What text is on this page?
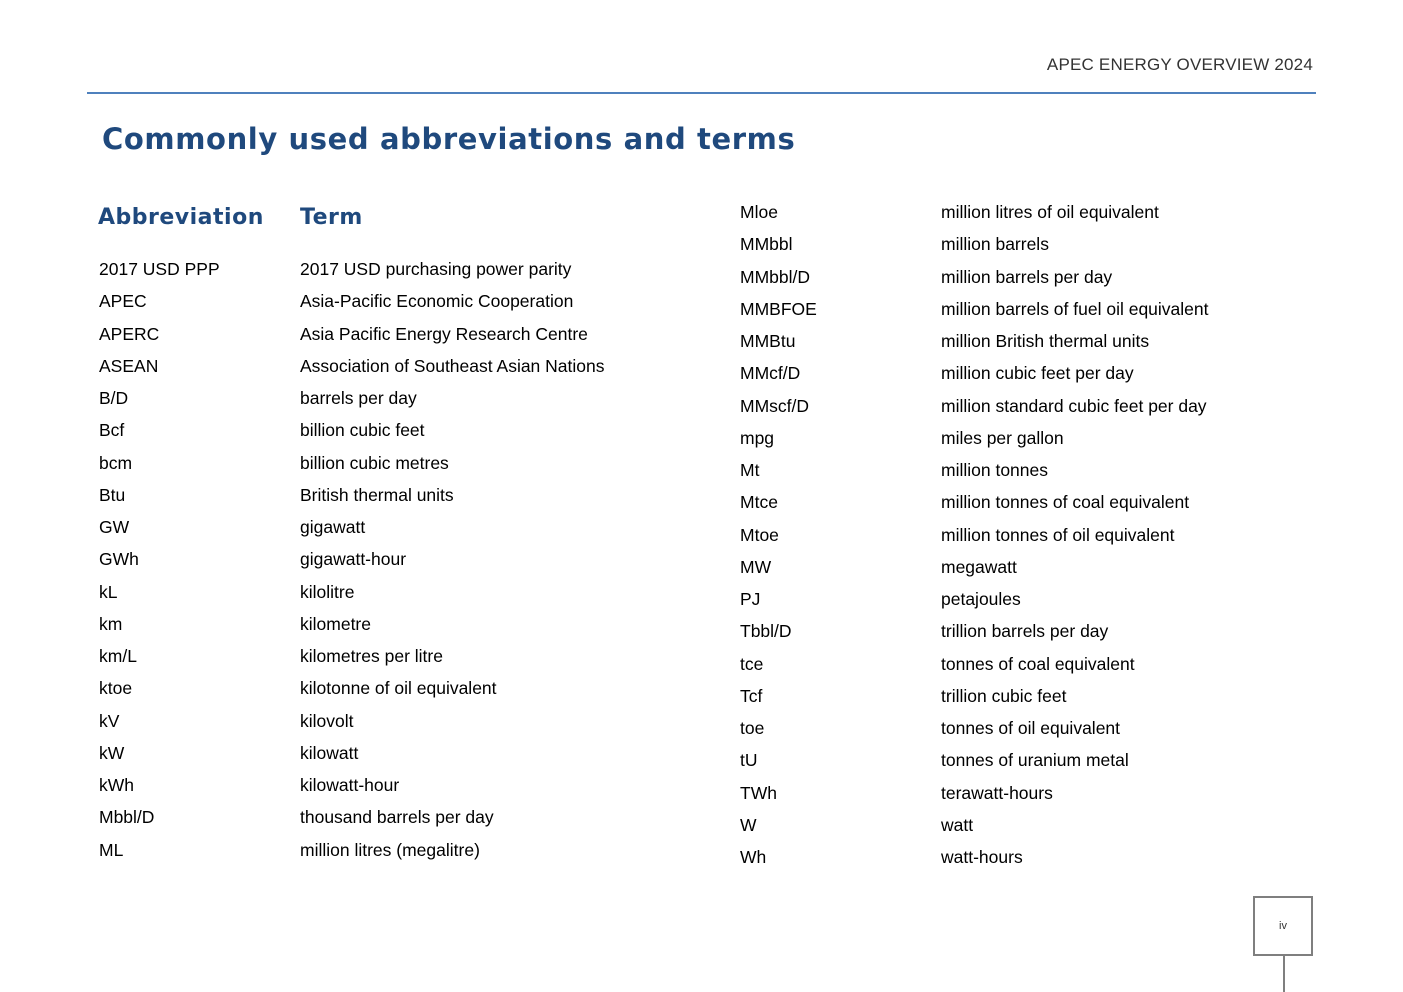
APEC ENERGY OVERVIEW 2024
Commonly used abbreviations and terms
Abbreviation Term
2017 USD PPP	2017 USD purchasing power parity
APEC	Asia-Pacific Economic Cooperation
APERC	Asia Pacific Energy Research Centre
ASEAN	Association of Southeast Asian Nations
B/D	barrels per day
Bcf	billion cubic feet
bcm	billion cubic metres
Btu	British thermal units
GW	gigawatt
GWh	gigawatt-hour
kL	kilolitre
km	kilometre
km/L	kilometres per litre
ktoe	kilotonne of oil equivalent
kV	kilovolt
kW	kilowatt
kWh	kilowatt-hour
Mbbl/D	thousand barrels per day
ML	million litres (megalitre)
Mloe	million litres of oil equivalent
MMbbl	million barrels
MMbbl/D	million barrels per day
MMBFOE	million barrels of fuel oil equivalent
MMBtu	million British thermal units
MMcf/D	million cubic feet per day
MMscf/D	million standard cubic feet per day
mpg	miles per gallon
Mt	million tonnes
Mtce	million tonnes of coal equivalent
Mtoe	million tonnes of oil equivalent
MW	megawatt
PJ	petajoules
Tbbl/D	trillion barrels per day
tce	tonnes of coal equivalent
Tcf	trillion cubic feet
toe	tonnes of oil equivalent
tU	tonnes of uranium metal
TWh	terawatt-hours
W	watt
Wh	watt-hours
iv
